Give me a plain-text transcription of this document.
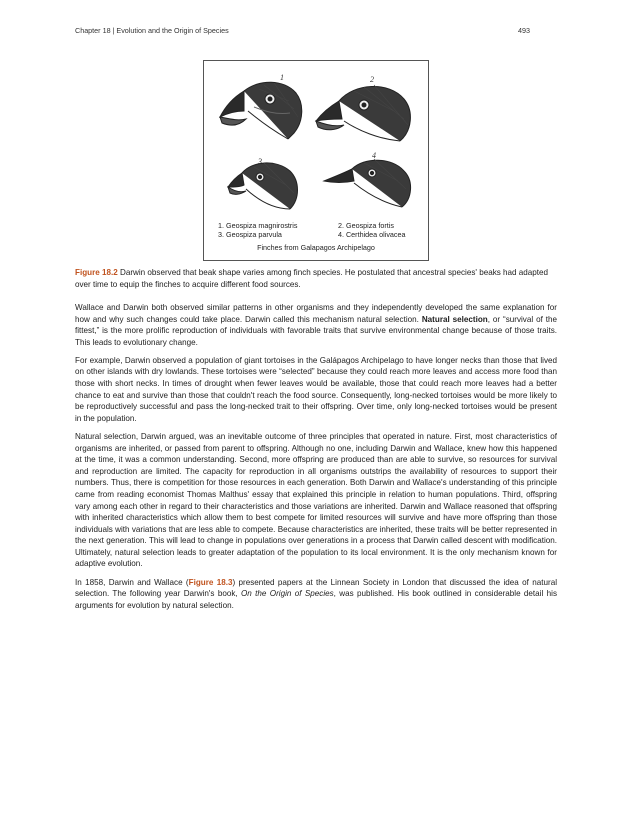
Chapter 18 | Evolution and the Origin of Species	493
1	2
3
4
1. Geospiza magnirostris
3. Geospiza parvula
2. Geospiza fortis
4. Certhidea olivacea
Finches from Galapagos Archipelago
Figure 18.2 Darwin observed that beak shape varies among finch species. He postulated that ancestral species' beaks had adapted over time to equip the finches to acquire different food sources.

Wallace and Darwin both observed similar patterns in other organisms and they independently developed the same explanation for how and why such changes could take place. Darwin called this mechanism natural selection. Natural selection, or “survival of the fittest,” is the more prolific reproduction of individuals with favorable traits that survive environmental change because of those traits. This leads to evolutionary change.

For example, Darwin observed a population of giant tortoises in the Galápagos Archipelago to have longer necks than those that lived on other islands with dry lowlands. These tortoises were “selected” because they could reach more leaves and access more food than those with short necks. In times of drought when fewer leaves would be available, those that could reach more leaves had a better chance to eat and survive than those that couldn't reach the food source. Consequently, long-necked tortoises would be more likely to be reproductively successful and pass the long-necked trait to their offspring. Over time, only long-necked tortoises would be present in the population.

Natural selection, Darwin argued, was an inevitable outcome of three principles that operated in nature. First, most characteristics of organisms are inherited, or passed from parent to offspring. Although no one, including Darwin and Wallace, knew how this happened at the time, it was a common understanding. Second, more offspring are produced than are able to survive, so resources for survival and reproduction are limited. The capacity for reproduction in all organisms outstrips the availability of resources to support their numbers. Thus, there is competition for those resources in each generation. Both Darwin and Wallace's understanding of this principle came from reading economist Thomas Malthus' essay that explained this principle in relation to human populations. Third, offspring vary among each other in regard to their characteristics and those variations are inherited. Darwin and Wallace reasoned that offspring with inherited characteristics which allow them to best compete for limited resources will survive and have more offspring than those individuals with variations that are less able to compete. Because characteristics are inherited, these traits will be better represented in the next generation. This will lead to change in populations over generations in a process that Darwin called descent with modification. Ultimately, natural selection leads to greater adaptation of the population to its local environment. It is the only mechanism known for adaptive evolution.

In 1858, Darwin and Wallace (Figure 18.3) presented papers at the Linnean Society in London that discussed the idea of natural selection. The following year Darwin's book, On the Origin of Species, was published. His book outlined in considerable detail his arguments for evolution by natural selection.
